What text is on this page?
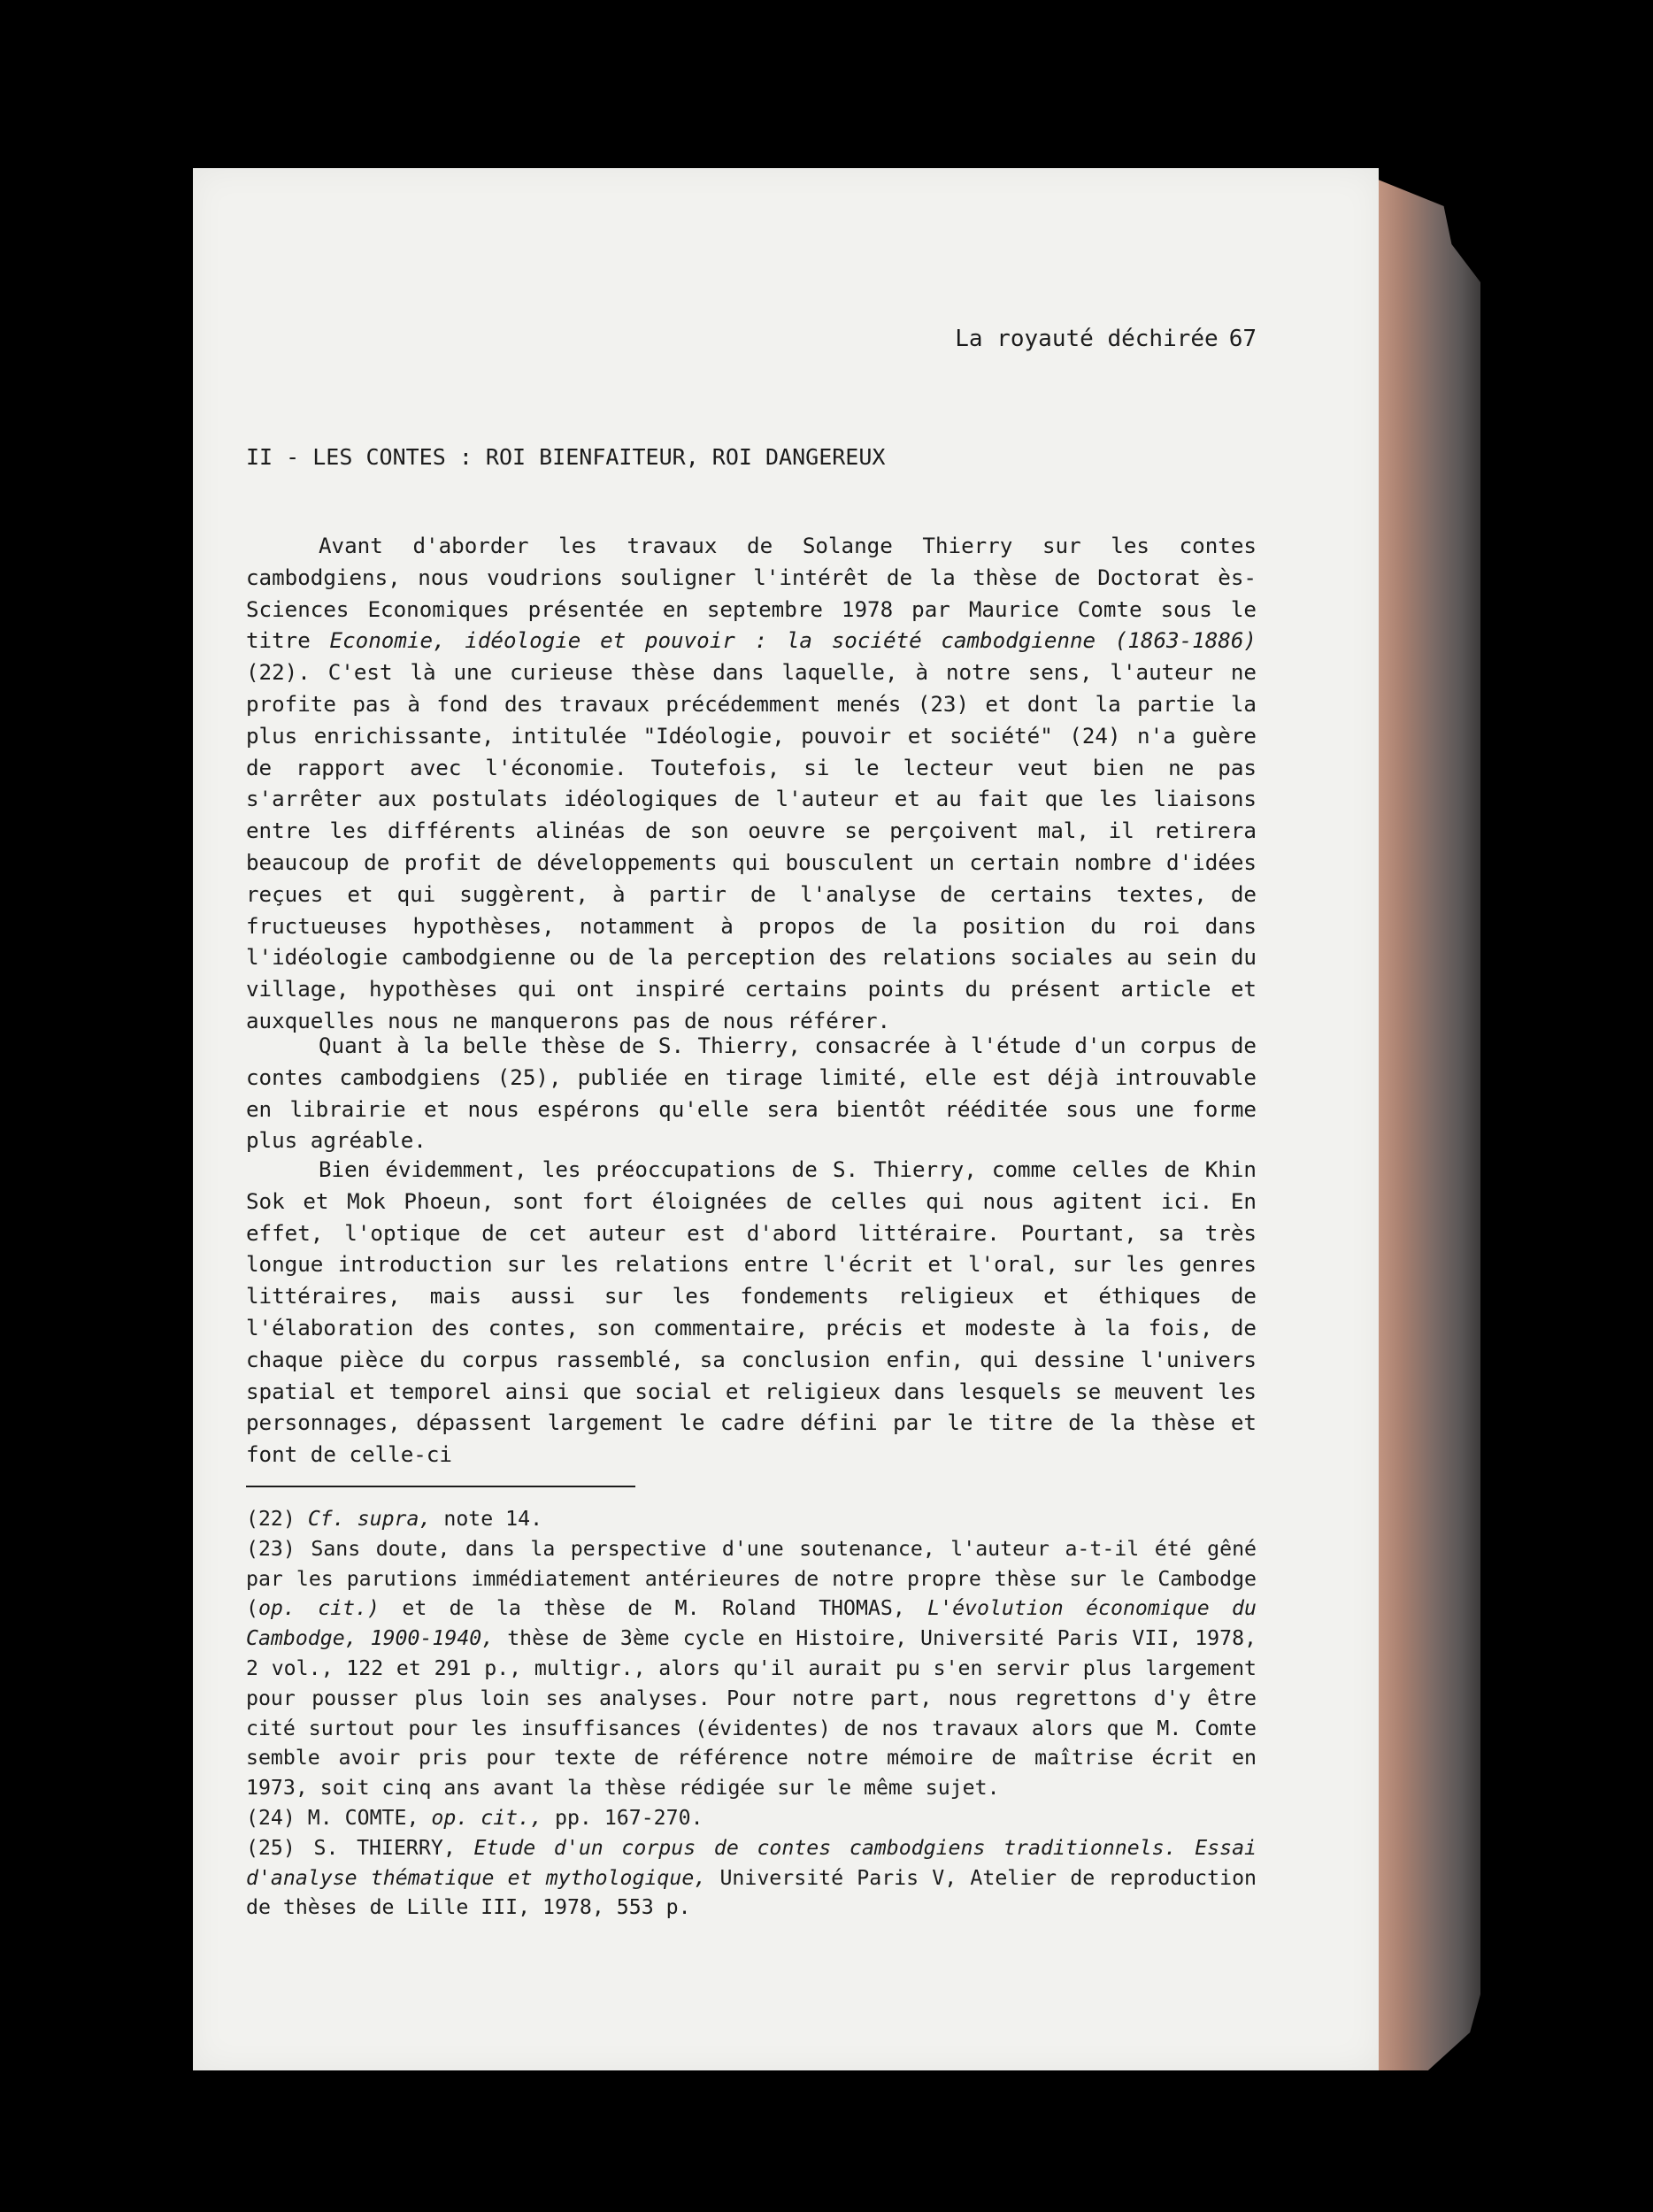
La royauté déchirée 67
II - LES CONTES : ROI BIENFAITEUR, ROI DANGEREUX

Avant d'aborder les travaux de Solange Thierry sur les contes cambodgiens, nous voudrions souligner l'intérêt de la thèse de Doctorat ès-Sciences Economiques présentée en septembre 1978 par Maurice Comte sous le titre Economie, idéologie et pouvoir : la société cambodgienne (1863-1886) (22). C'est là une curieuse thèse dans laquelle, à notre sens, l'auteur ne profite pas à fond des travaux précédemment menés (23) et dont la partie la plus enrichissante, intitulée "Idéologie, pouvoir et société" (24) n'a guère de rapport avec l'économie. Toutefois, si le lecteur veut bien ne pas s'arrêter aux postulats idéologiques de l'auteur et au fait que les liaisons entre les différents alinéas de son oeuvre se perçoivent mal, il retirera beaucoup de profit de développements qui bousculent un certain nombre d'idées reçues et qui suggèrent, à partir de l'analyse de certains textes, de fructueuses hypothèses, notamment à propos de la position du roi dans l'idéologie cambodgienne ou de la perception des relations sociales au sein du village, hypothèses qui ont inspiré certains points du présent article et auxquelles nous ne manquerons pas de nous référer.

Quant à la belle thèse de S. Thierry, consacrée à l'étude d'un corpus de contes cambodgiens (25), publiée en tirage limité, elle est déjà introuvable en librairie et nous espérons qu'elle sera bientôt rééditée sous une forme plus agréable.

Bien évidemment, les préoccupations de S. Thierry, comme celles de Khin Sok et Mok Phoeun, sont fort éloignées de celles qui nous agitent ici. En effet, l'optique de cet auteur est d'abord littéraire. Pourtant, sa très longue introduction sur les relations entre l'écrit et l'oral, sur les genres littéraires, mais aussi sur les fondements religieux et éthiques de l'élaboration des contes, son commentaire, précis et modeste à la fois, de chaque pièce du corpus rassemblé, sa conclusion enfin, qui dessine l'univers spatial et temporel ainsi que social et religieux dans lesquels se meuvent les personnages, dépassent largement le cadre défini par le titre de la thèse et font de celle-ci

(22) Cf. supra, note 14.

(23) Sans doute, dans la perspective d'une soutenance, l'auteur a-t-il été gêné par les parutions immédiatement antérieures de notre propre thèse sur le Cambodge (op. cit.) et de la thèse de M. Roland THOMAS, L'évolution économique du Cambodge, 1900-1940, thèse de 3ème cycle en Histoire, Université Paris VII, 1978, 2 vol., 122 et 291 p., multigr., alors qu'il aurait pu s'en servir plus largement pour pousser plus loin ses analyses. Pour notre part, nous regrettons d'y être cité surtout pour les insuffisances (évidentes) de nos travaux alors que M. Comte semble avoir pris pour texte de référence notre mémoire de maîtrise écrit en 1973, soit cinq ans avant la thèse rédigée sur le même sujet.

(24) M. COMTE, op. cit., pp. 167-270.

(25) S. THIERRY, Etude d'un corpus de contes cambodgiens traditionnels. Essai d'analyse thématique et mythologique, Université Paris V, Atelier de reproduction de thèses de Lille III, 1978, 553 p.
